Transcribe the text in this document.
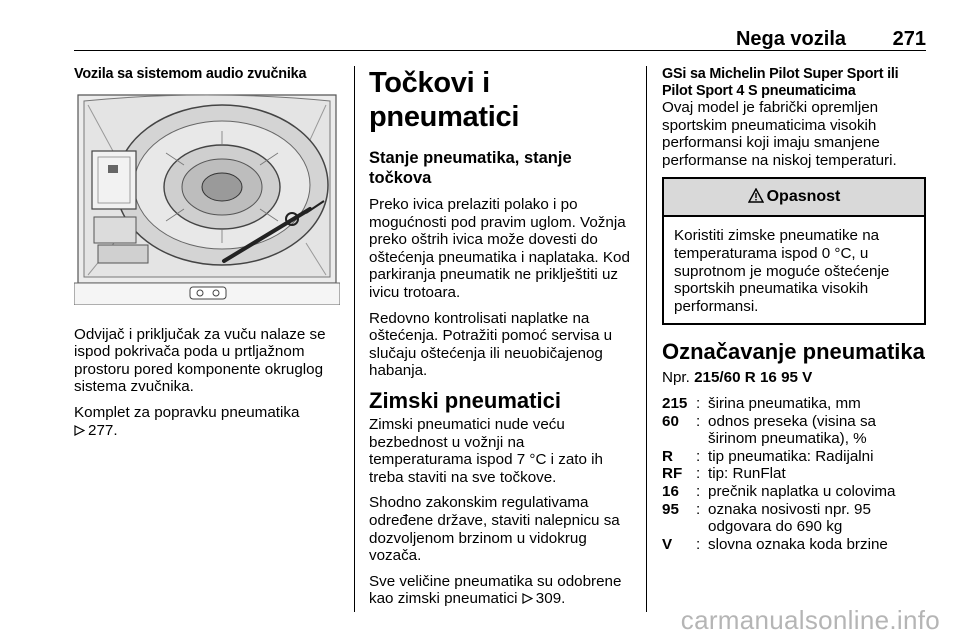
Nega vozila 271
Vozila sa sistemom audio zvučnika

Odvijač i priključak za vuču nalaze se ispod pokrivača poda u prtljažnom prostoru pored komponente okruglog sistema zvučnika.

Komplet za popravku pneumatika
277.

Točkovi i pneumatici
Stanje pneumatika, stanje točkova

Preko ivica prelaziti polako i po mogućnosti pod pravim uglom. Vožnja preko oštrih ivica može dovesti do oštećenja pneumatika i naplataka. Kod parkiranja pneumatik ne priklještiti uz ivicu trotoara.

Redovno kontrolisati naplatke na oštećenja. Potražiti pomoć servisa u slučaju oštećenja ili neuobičajenog habanja.

Zimski pneumatici

Zimski pneumatici nude veću bezbednost u vožnji na temperaturama ispod 7 °C i zato ih treba staviti na sve točkove.

Shodno zakonskim regulativama određene države, staviti nalepnicu sa dozvoljenom brzinom u vidokrug vozača.

Sve veličine pneumatika su odobrene kao zimski pneumatici 309.

GSi sa Michelin Pilot Super Sport ili Pilot Sport 4 S pneumaticima

Ovaj model je fabrički opremljen sportskim pneumaticima visokih performansi koji imaju smanjene performanse na niskoj temperaturi.

Opasnost
Koristiti zimske pneumatike na temperaturama ispod 0 °C, u suprotnom je moguće oštećenje sportskih pneumatika visokih performansi.
Označavanje pneumatika

Npr. 215/60 R 16 95 V

215 : širina pneumatika, mm
60	: odnos preseka (visina sa širinom pneumatika), %
R	: tip pneumatika: Radijalni
RF : tip: RunFlat
16	: prečnik naplatka u colovima
95	: oznaka nosivosti npr. 95 odgovara do 690 kg
V	: slovna oznaka koda brzine
carmanualsonline.info
